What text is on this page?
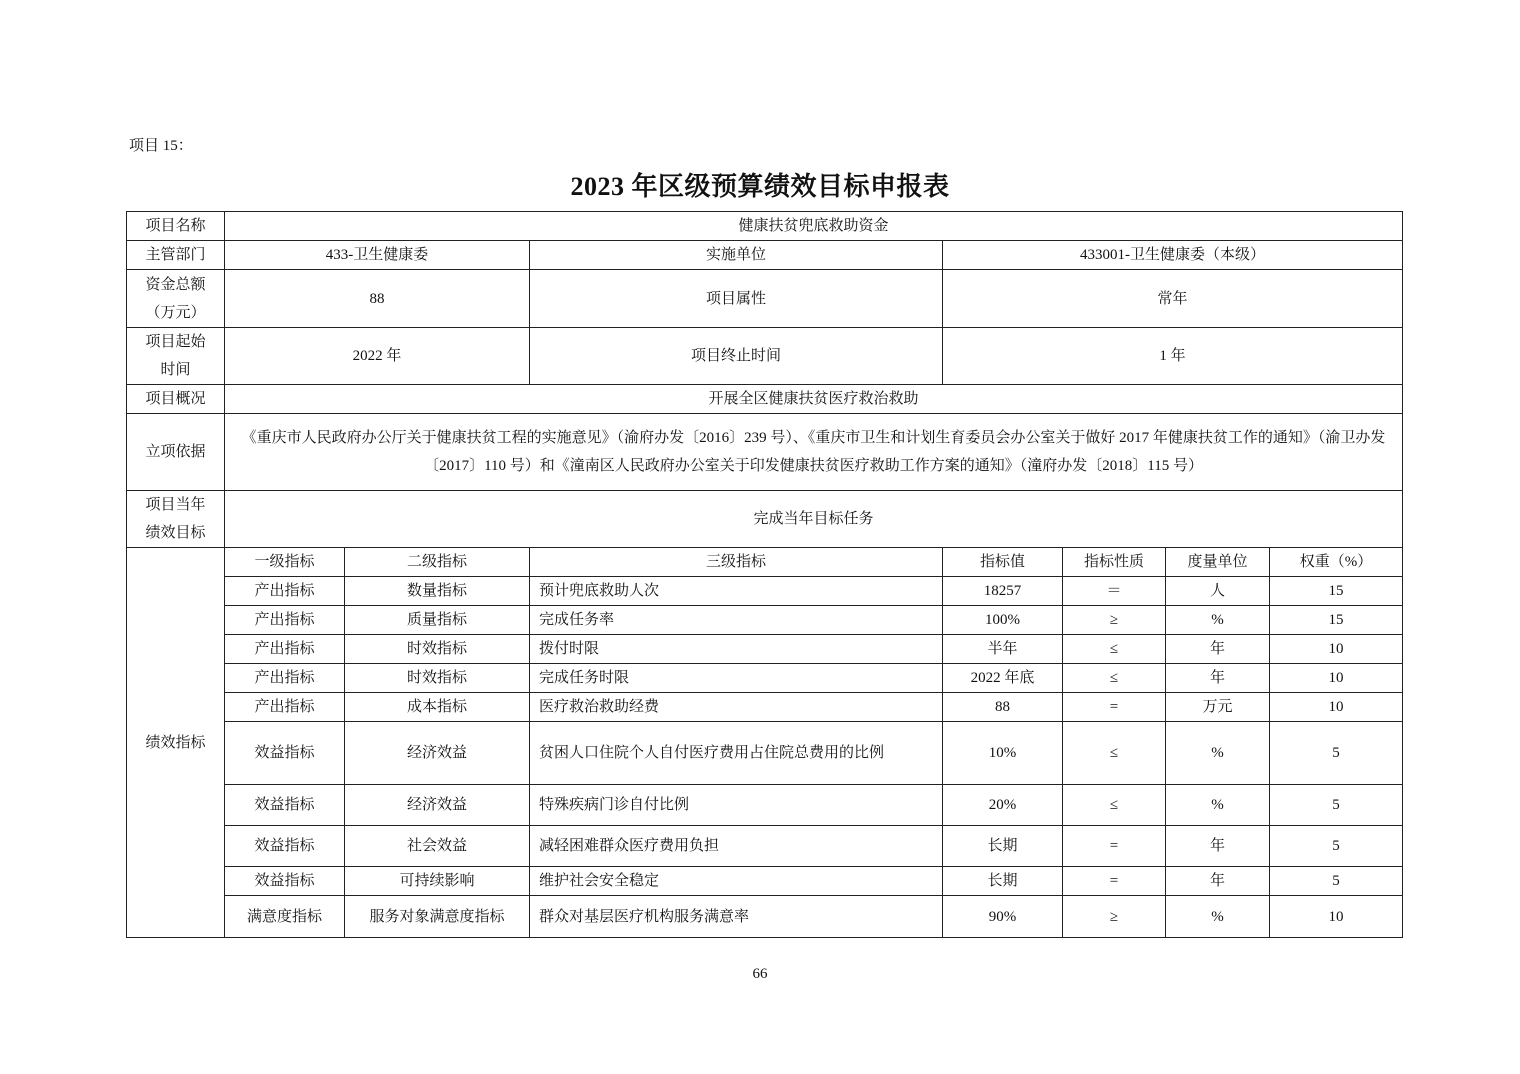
项目 15：
2023 年区级预算绩效目标申报表
项目名称	健康扶贫兜底救助资金						
主管部门	433-卫生健康委		实施单位	433001-卫生健康委（本级）			

资金总额
（万元）	88		项目属性	常年			

项目起始
时间	2022 年		项目终止时间	1 年			
项目概况	开展全区健康扶贫医疗救治救助						
立项依据	《重庆市人民政府办公厅关于健康扶贫工程的实施意见》（渝府办发〔2016〕239 号）、《重庆市卫生和计划生育委员会办公室关于做好 2017 年健康扶贫工作的通知》（渝卫办发〔2017〕110 号）和《潼南区人民政府办公室关于印发健康扶贫医疗救助工作方案的通知》（潼府办发〔2018〕115 号）						

项目当年
绩效目标	完成当年目标任务						
绩效指标	一级指标	二级指标	三级指标	指标值	指标性质	度量单位	权重（%）
	产出指标	数量指标	预计兜底救助人次	18257	＝	人	15
	产出指标	质量指标	完成任务率	100%	≥	%	15
	产出指标	时效指标	拨付时限	半年	≤	年	10
	产出指标	时效指标	完成任务时限	2022 年底	≤	年	10
	产出指标	成本指标	医疗救治救助经费	88	=	万元	10
	效益指标	经济效益	贫困人口住院个人自付医疗费用占住院总费用的比例	10%	≤	%	5
	效益指标	经济效益	特殊疾病门诊自付比例	20%	≤	%	5
	效益指标	社会效益	减轻困难群众医疗费用负担	长期	=	年	5
	效益指标	可持续影响	维护社会安全稳定	长期	=	年	5
	满意度指标	服务对象满意度指标	群众对基层医疗机构服务满意率	90%	≥	%	10
66
